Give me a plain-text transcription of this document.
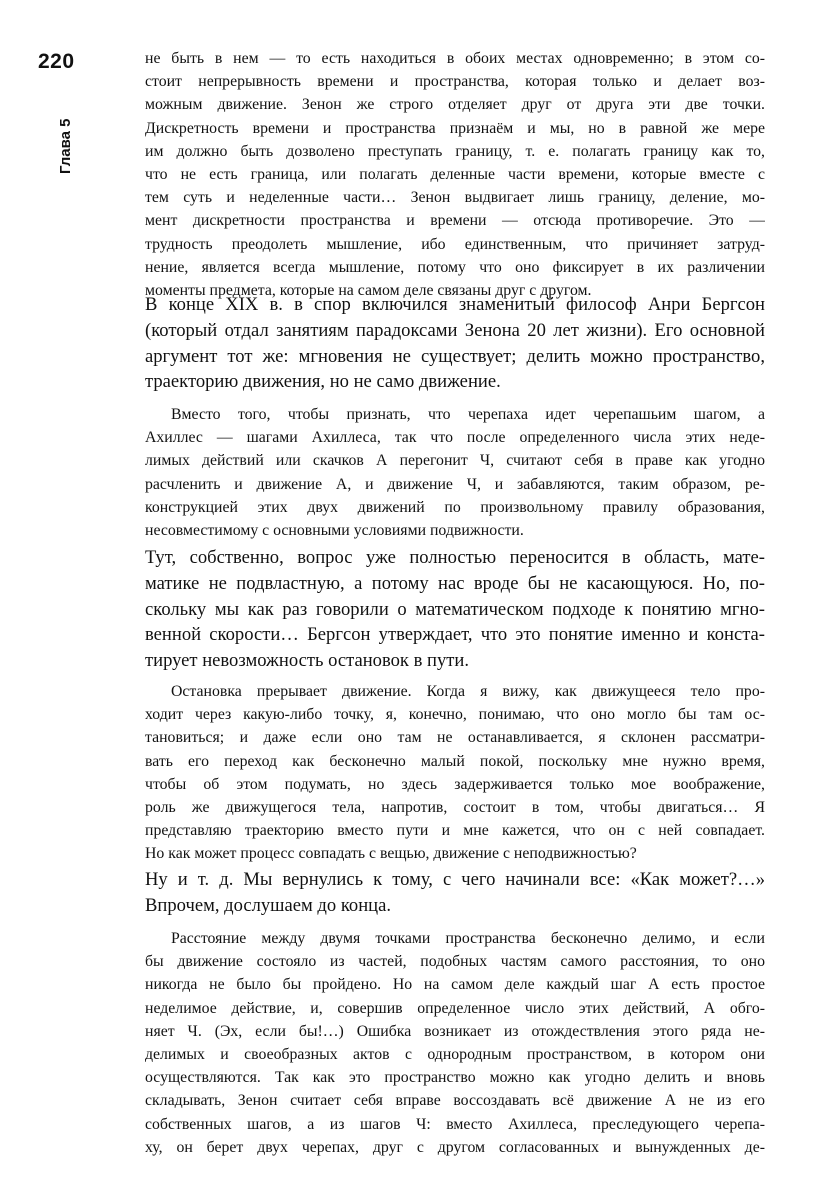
220
Глава 5
не быть в нем — то есть находиться в обоих местах одновременно; в этом со-
стоит непрерывность времени и пространства, которая только и делает воз-
можным движение. Зенон же строго отделяет друг от друга эти две точки.
Дискретность времени и пространства признаём и мы, но в равной же мере
им должно быть дозволено преступать границу, т. е. полагать границу как то,
что не есть граница, или полагать деленные части времени, которые вместе с
тем суть и неделенные части… Зенон выдвигает лишь границу, деление, мо-
мент дискретности пространства и времени — отсюда противоречие. Это —
трудность преодолеть мышление, ибо единственным, что причиняет затруд-
нение, является всегда мышление, потому что оно фиксирует в их различении
моменты предмета, которые на самом деле связаны друг с другом.
В конце XIX в. в спор включился знаменитый философ Анри Бергсон
(который отдал занятиям парадоксами Зенона 20 лет жизни). Его основной
аргумент тот же: мгновения не существует; делить можно пространство,
траекторию движения, но не само движение.
Вместо того, чтобы признать, что черепаха идет черепашьим шагом, а
Ахиллес — шагами Ахиллеса, так что после определенного числа этих неде-
лимых действий или скачков А перегонит Ч, считают себя в праве как угодно
расчленить и движение А, и движение Ч, и забавляются, таким образом, ре-
конструкцией этих двух движений по произвольному правилу образования,
несовместимому с основными условиями подвижности.
Тут, собственно, вопрос уже полностью переносится в область, мате-
матике не подвластную, а потому нас вроде бы не касающуюся. Но, по-
скольку мы как раз говорили о математическом подходе к понятию мгно-
венной скорости… Бергсон утверждает, что это понятие именно и конста-
тирует невозможность остановок в пути.
Остановка прерывает движение. Когда я вижу, как движущееся тело про-
ходит через какую-либо точку, я, конечно, понимаю, что оно могло бы там ос-
тановиться; и даже если оно там не останавливается, я склонен рассматри-
вать его переход как бесконечно малый покой, поскольку мне нужно время,
чтобы об этом подумать, но здесь задерживается только мое воображение,
роль же движущегося тела, напротив, состоит в том, чтобы двигаться… Я
представляю траекторию вместо пути и мне кажется, что он с ней совпадает.
Но как может процесс совпадать с вещью, движение с неподвижностью?
Ну и т. д. Мы вернулись к тому, с чего начинали все: «Как может?…»
Впрочем, дослушаем до конца.
Расстояние между двумя точками пространства бесконечно делимо, и если
бы движение состояло из частей, подобных частям самого расстояния, то оно
никогда не было бы пройдено. Но на самом деле каждый шаг А есть простое
неделимое действие, и, совершив определенное число этих действий, А обго-
няет Ч. (Эх, если бы!…) Ошибка возникает из отождествления этого ряда не-
делимых и своеобразных актов с однородным пространством, в котором они
осуществляются. Так как это пространство можно как угодно делить и вновь
складывать, Зенон считает себя вправе воссоздавать всё движение А не из его
собственных шагов, а из шагов Ч: вместо Ахиллеса, преследующего черепа-
ху, он берет двух черепах, друг с другом согласованных и вынужденных де-
